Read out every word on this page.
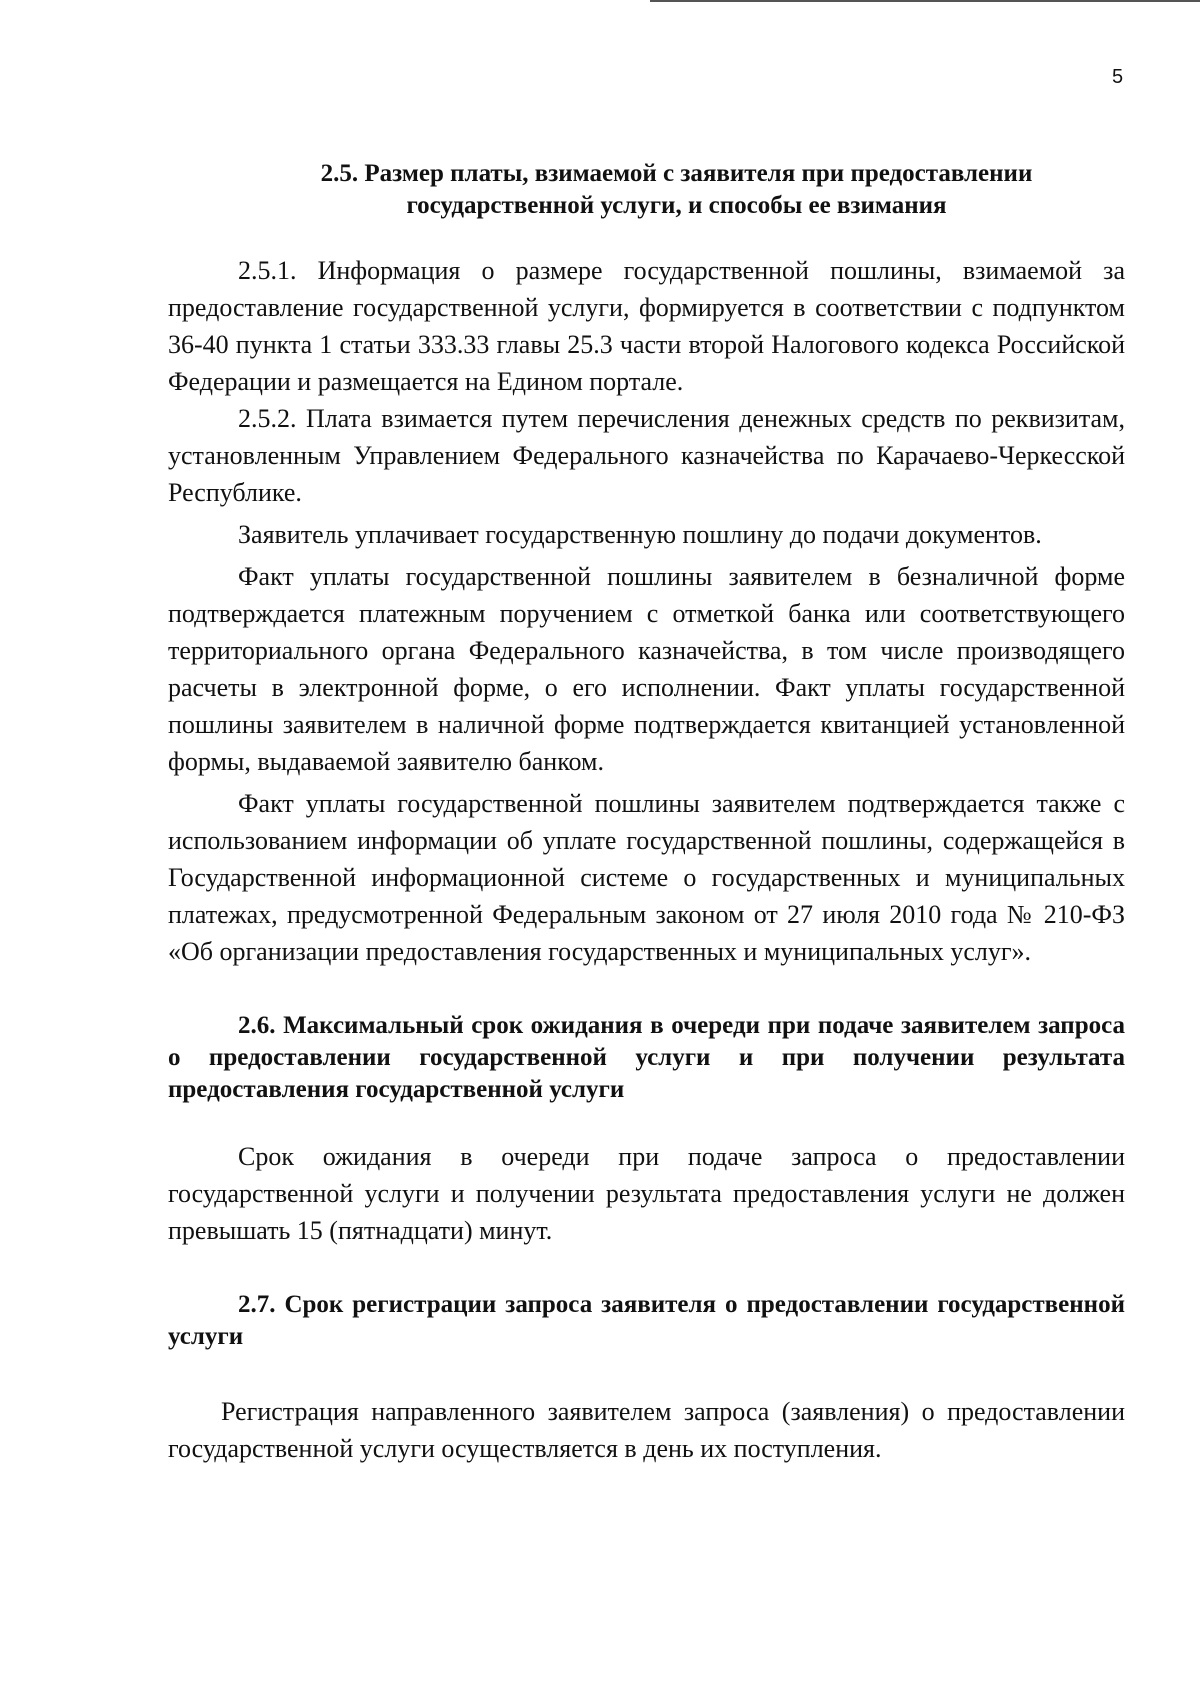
5

2.5. Размер платы, взимаемой с заявителя при предоставлении

государственной услуги, и способы ее взимания

2.5.1. Информация о размере государственной пошлины, взимаемой за предоставление государственной услуги, формируется в соответствии с подпунктом 36-40 пункта 1 статьи 333.33 главы 25.3 части второй Налогового кодекса Российской Федерации и размещается на Едином портале.

2.5.2. Плата взимается путем перечисления денежных средств по реквизитам, установленным Управлением Федерального казначейства по Карачаево-Черкесской Республике.

Заявитель уплачивает государственную пошлину до подачи документов.

Факт уплаты государственной пошлины заявителем в безналичной форме подтверждается платежным поручением с отметкой банка или соответствующего территориального органа Федерального казначейства, в том числе производящего расчеты в электронной форме, о его исполнении. Факт уплаты государственной пошлины заявителем в наличной форме подтверждается квитанцией установленной формы, выдаваемой заявителю банком.

Факт уплаты государственной пошлины заявителем подтверждается также с использованием информации об уплате государственной пошлины, содержащейся в Государственной информационной системе о государственных и муниципальных платежах, предусмотренной Федеральным законом от 27 июля 2010 года № 210-ФЗ «Об организации предоставления государственных и муниципальных услуг».

2.6. Максимальный срок ожидания в очереди при подаче заявителем запроса о предоставлении государственной услуги и при получении результата предоставления государственной услуги

Срок ожидания в очереди при подаче запроса о предоставлении государственной услуги и получении результата предоставления услуги не должен превышать 15 (пятнадцати) минут.

2.7. Срок регистрации запроса заявителя о предоставлении государственной услуги

Регистрация направленного заявителем запроса (заявления) о предоставлении государственной услуги осуществляется в день их поступления.
